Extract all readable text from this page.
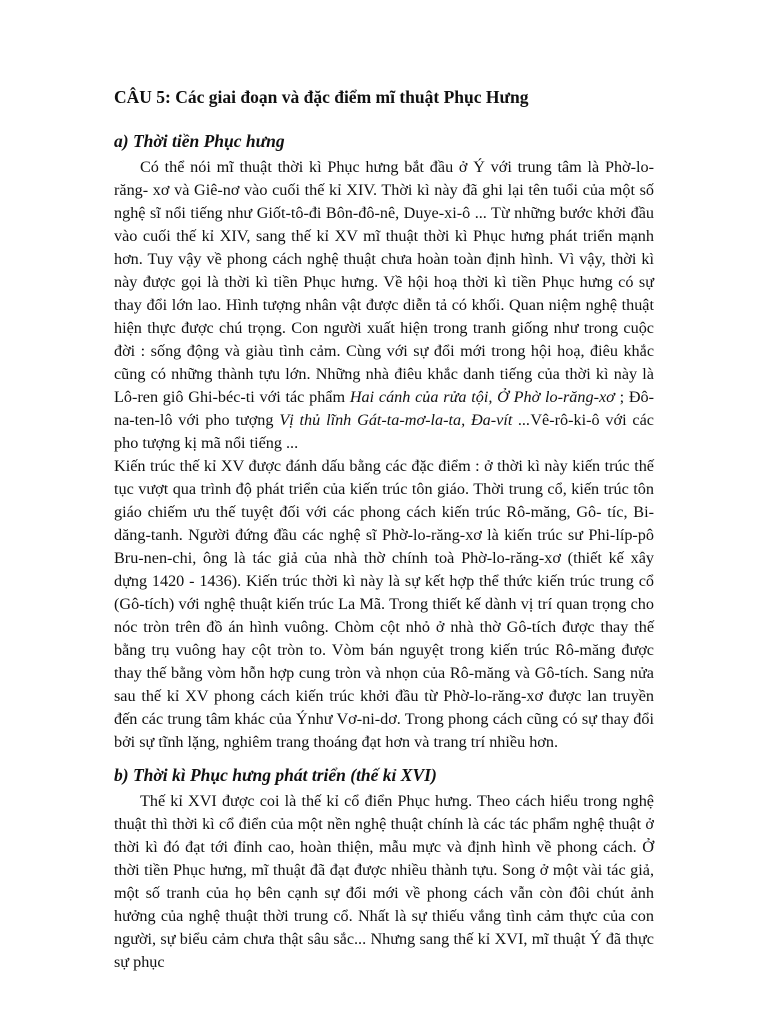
CÂU 5: Các giai đoạn và đặc điểm mĩ thuật Phục Hưng
a) Thời tiền Phục hưng

Có thể nói mĩ thuật thời kì Phục hưng bắt đầu ở Ý với trung tâm là Phờ-lo-răng- xơ và Giê-nơ vào cuối thế kỉ XIV. Thời kì này đã ghi lại tên tuổi của một số nghệ sĩ nổi tiếng như Giốt-tô-đi Bôn-đô-nê, Duye-xi-ô ... Từ những bước khởi đầu vào cuối thế kỉ XIV, sang thế kỉ XV mĩ thuật thời kì Phục hưng phát triển mạnh hơn. Tuy vậy về phong cách nghệ thuật chưa hoàn toàn định hình. Vì vậy, thời kì này được gọi là thời kì tiền Phục hưng. Về hội hoạ thời kì tiền Phục hưng có sự thay đổi lớn lao. Hình tượng nhân vật được diễn tả có khối. Quan niệm nghệ thuật hiện thực được chú trọng. Con người xuất hiện trong tranh giống như trong cuộc đời : sống động và giàu tình cảm. Cùng với sự đổi mới trong hội hoạ, điêu khắc cũng có những thành tựu lớn. Những nhà điêu khắc danh tiếng của thời kì này là Lô-ren giô Ghi-béc-ti với tác phẩm Hai cánh của rửa tội, Ở Phờ lo-răng-xơ ; Đô-na-ten-lô với pho tượng Vị thủ lĩnh Gát-ta-mơ-la-ta, Đa-vít ...Vê-rô-ki-ô với các pho tượng kị mã nổi tiếng ...

Kiến trúc thế kỉ XV được đánh dấu bằng các đặc điểm : ở thời kì này kiến trúc thế tục vượt qua trình độ phát triển của kiến trúc tôn giáo. Thời trung cổ, kiến trúc tôn giáo chiếm ưu thế tuyệt đối với các phong cách kiến trúc Rô-măng, Gô- tíc, Bi-dăng-tanh. Người đứng đầu các nghệ sĩ Phờ-lo-răng-xơ là kiến trúc sư Phi-líp-pô Bru-nen-chi, ông là tác giả của nhà thờ chính toà Phờ-lo-răng-xơ (thiết kế xây dựng 1420 - 1436). Kiến trúc thời kì này là sự kết hợp thể thức kiến trúc trung cổ (Gô-tích) với nghệ thuật kiến trúc La Mã. Trong thiết kế dành vị trí quan trọng cho nóc tròn trên đồ án hình vuông. Chòm cột nhỏ ở nhà thờ Gô-tích được thay thế bằng trụ vuông hay cột tròn to. Vòm bán nguyệt trong kiến trúc Rô-măng được thay thế bằng vòm hỗn hợp cung tròn và nhọn của Rô-măng và Gô-tích. Sang nửa sau thế kỉ XV phong cách kiến trúc khởi đầu từ Phờ-lo-răng-xơ được lan truyền đến các trung tâm khác của Ýnhư Vơ-ni-dơ. Trong phong cách cũng có sự thay đổi bởi sự tĩnh lặng, nghiêm trang thoáng đạt hơn và trang trí nhiều hơn.

b) Thời kì Phục hưng phát triển (thế kỉ XVI)

Thế kỉ XVI được coi là thế kỉ cổ điển Phục hưng. Theo cách hiểu trong nghệ thuật thì thời kì cổ điển của một nền nghệ thuật chính là các tác phẩm nghệ thuật ở thời kì đó đạt tới đỉnh cao, hoàn thiện, mẫu mực và định hình về phong cách. Ở thời tiền Phục hưng, mĩ thuật đã đạt được nhiều thành tựu. Song ở một vài tác giả, một số tranh của họ bên cạnh sự đổi mới về phong cách vẫn còn đôi chút ảnh hưởng của nghệ thuật thời trung cổ. Nhất là sự thiếu vắng tình cảm thực của con người, sự biểu cảm chưa thật sâu sắc... Nhưng sang thế kỉ XVI, mĩ thuật Ý đã thực sự phục
